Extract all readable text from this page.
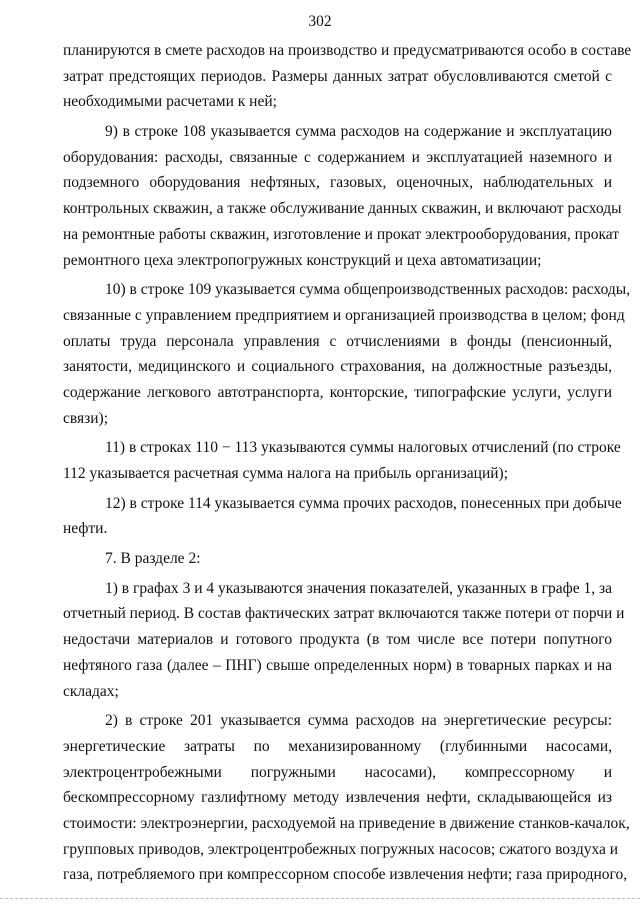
302
планируются в смете расходов на производство и предусматриваются особо в составе
затрат предстоящих периодов. Размеры данных затрат обусловливаются сметой с
необходимыми расчетами к ней;
9) в строке 108 указывается сумма расходов на содержание и эксплуатацию
оборудования: расходы, связанные с содержанием и эксплуатацией наземного и
подземного оборудования нефтяных, газовых, оценочных, наблюдательных и
контрольных скважин, а также обслуживание данных скважин, и включают расходы
на ремонтные работы скважин, изготовление и прокат электрооборудования, прокат
ремонтного цеха электропогружных конструкций и цеха автоматизации;
10) в строке 109 указывается сумма общепроизводственных расходов: расходы,
связанные с управлением предприятием и организацией производства в целом; фонд
оплаты труда персонала управления с отчислениями в фонды (пенсионный,
занятости, медицинского и социального страхования, на должностные разъезды,
содержание легкового автотранспорта, конторские, типографские услуги, услуги
связи);
11) в строках 110 − 113 указываются суммы налоговых отчислений (по строке
112 указывается расчетная сумма налога на прибыль организаций);
12) в строке 114 указывается сумма прочих расходов, понесенных при добыче
нефти.
7. В разделе 2:
1) в графах 3 и 4 указываются значения показателей, указанных в графе 1, за
отчетный период. В состав фактических затрат включаются также потери от порчи и
недостачи материалов и готового продукта (в том числе все потери попутного
нефтяного газа (далее – ПНГ) свыше определенных норм) в товарных парках и на
складах;
2) в строке 201 указывается сумма расходов на энергетические ресурсы:
энергетические затраты по механизированному (глубинными насосами,
электроцентробежными погружными насосами), компрессорному и
бескомпрессорному газлифтному методу извлечения нефти, складывающейся из
стоимости: электроэнергии, расходуемой на приведение в движение станков-качалок,
групповых приводов, электроцентробежных погружных насосов; сжатого воздуха и
газа, потребляемого при компрессорном способе извлечения нефти; газа природного,
